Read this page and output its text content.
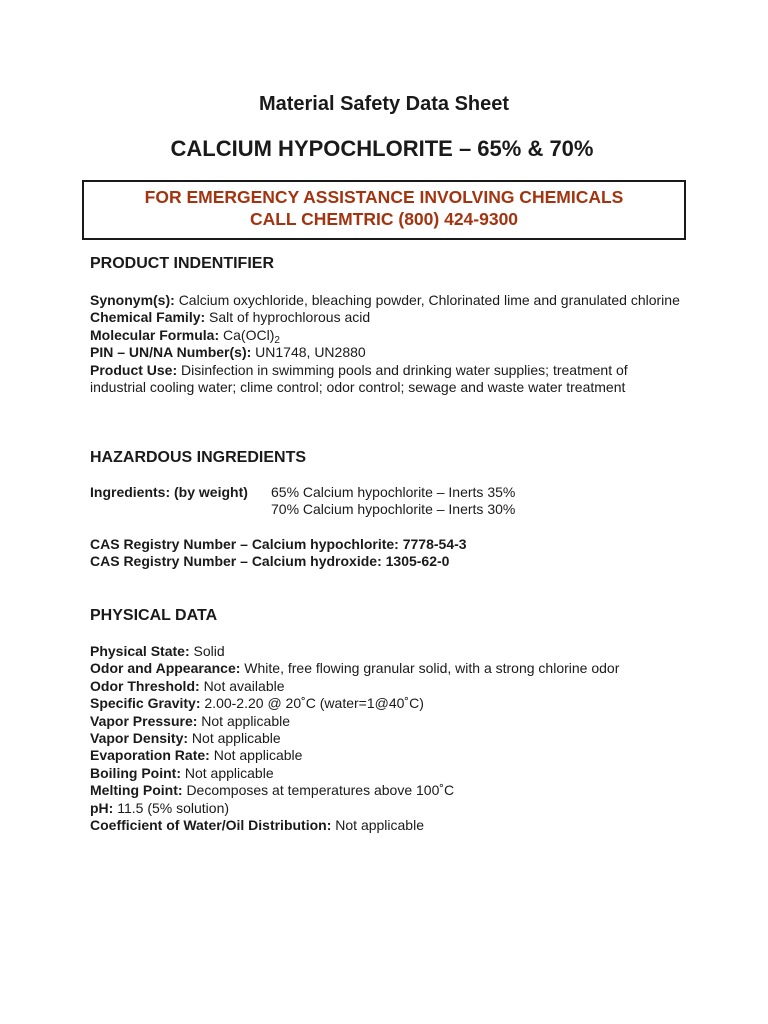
Material Safety Data Sheet
CALCIUM HYPOCHLORITE – 65% & 70%
FOR EMERGENCY ASSISTANCE INVOLVING CHEMICALS
CALL CHEMTRIC (800) 424-9300
PRODUCT INDENTIFIER
Synonym(s): Calcium oxychloride, bleaching powder, Chlorinated lime and granulated chlorine
Chemical Family: Salt of hyprochlorous acid
Molecular Formula: $Ca(OCl)_2$
PIN – UN/NA Number(s): UN1748, UN2880
Product Use: Disinfection in swimming pools and drinking water supplies; treatment of industrial cooling water; clime control; odor control; sewage and waste water treatment
HAZARDOUS INGREDIENTS
Ingredients: (by weight)	65% Calcium hypochlorite – Inerts 35%
70% Calcium hypochlorite – Inerts 30%
CAS Registry Number – Calcium hypochlorite: 7778-54-3
CAS Registry Number – Calcium hydroxide: 1305-62-0
PHYSICAL DATA
Physical State: Solid
Odor and Appearance: White, free flowing granular solid, with a strong chlorine odor
Odor Threshold: Not available
Specific Gravity: 2.00-2.20 @ 20˚C (water=1@40˚C)
Vapor Pressure: Not applicable
Vapor Density: Not applicable
Evaporation Rate: Not applicable
Boiling Point: Not applicable
Melting Point: Decomposes at temperatures above 100˚C
pH: 11.5 (5% solution)
Coefficient of Water/Oil Distribution: Not applicable
